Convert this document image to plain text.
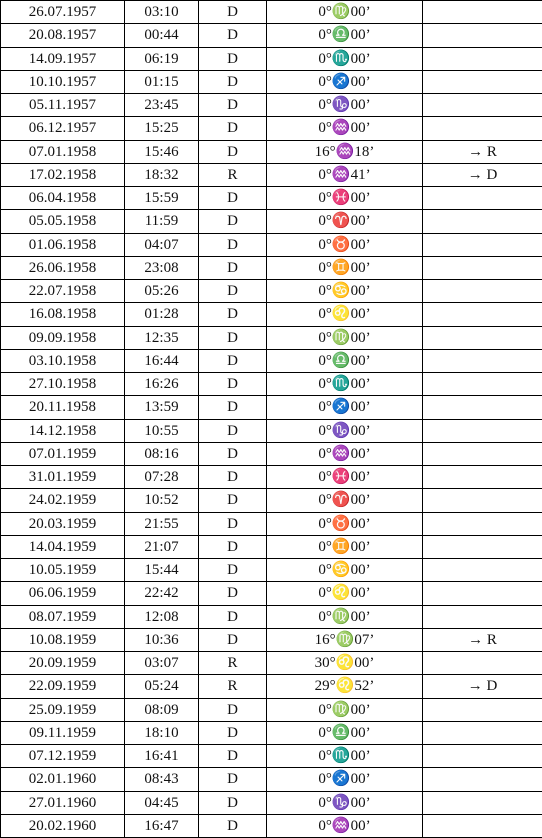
26.07.1957	03:10	D	0°♍00’	
20.08.1957	00:44	D	0°♎00’	
14.09.1957	06:19	D	0°♏00’	
10.10.1957	01:15	D	0°♐00’	
05.11.1957	23:45	D	0°♑00’	
06.12.1957	15:25	D	0°♒00’	
07.01.1958	15:46	D	16°♒18’	→ R
17.02.1958	18:32	R	0°♒41’	→ D
06.04.1958	15:59	D	0°♓00’	
05.05.1958	11:59	D	0°♈00’	
01.06.1958	04:07	D	0°♉00’	
26.06.1958	23:08	D	0°♊00’	
22.07.1958	05:26	D	0°♋00’	
16.08.1958	01:28	D	0°♌00’	
09.09.1958	12:35	D	0°♍00’	
03.10.1958	16:44	D	0°♎00’	
27.10.1958	16:26	D	0°♏00’	
20.11.1958	13:59	D	0°♐00’	
14.12.1958	10:55	D	0°♑00’	
07.01.1959	08:16	D	0°♒00’	
31.01.1959	07:28	D	0°♓00’	
24.02.1959	10:52	D	0°♈00’	
20.03.1959	21:55	D	0°♉00’	
14.04.1959	21:07	D	0°♊00’	
10.05.1959	15:44	D	0°♋00’	
06.06.1959	22:42	D	0°♌00’	
08.07.1959	12:08	D	0°♍00’	
10.08.1959	10:36	D	16°♍07’	→ R
20.09.1959	03:07	R	30°♌00’	
22.09.1959	05:24	R	29°♌52’	→ D
25.09.1959	08:09	D	0°♍00’	
09.11.1959	18:10	D	0°♎00’	
07.12.1959	16:41	D	0°♏00’	
02.01.1960	08:43	D	0°♐00’	
27.01.1960	04:45	D	0°♑00’	
20.02.1960	16:47	D	0°♒00’	
